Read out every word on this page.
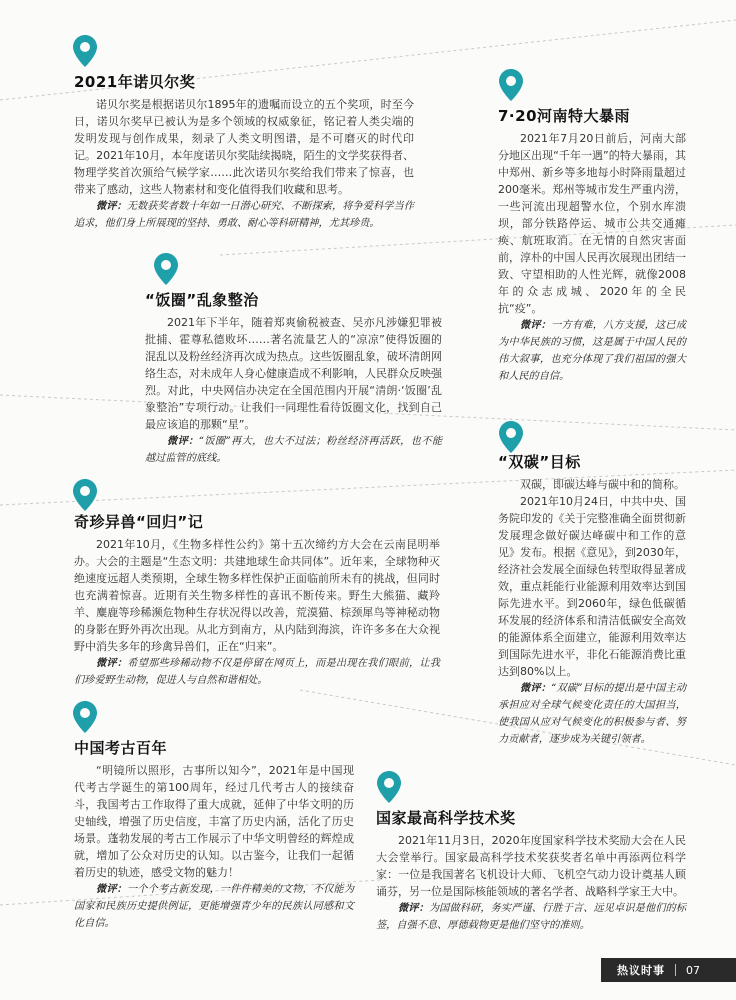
2021年诺贝尔奖

诺贝尔奖是根据诺贝尔1895年的遗嘱而设立的五个奖项，时至今日，诺贝尔奖早已被认为是多个领域的权威象征，铭记着人类尖端的发明发现与创作成果，刻录了人类文明图谱，是不可磨灭的时代印记。2021年10月，本年度诺贝尔奖陆续揭晓，陌生的文学奖获得者、物理学奖首次颁给气候学家……此次诺贝尔奖给我们带来了惊喜，也带来了感动，这些人物素材和变化值得我们收藏和思考。

微评：无数获奖者数十年如一日潜心研究、不断探索，将争爱科学当作追求，他们身上所展现的坚持、勇敢、耐心等科研精神，尤其珍贵。

7·20河南特大暴雨

2021年7月20日前后，河南大部分地区出现“千年一遇”的特大暴雨，其中郑州、新乡等多地每小时降雨量超过200毫米。郑州等城市发生严重内涝，一些河流出现超警水位，个别水库溃坝，部分铁路停运、城市公共交通瘫痪、航班取消。在无情的自然灾害面前，淳朴的中国人民再次展现出团结一致、守望相助的人性光辉，就像2008年的众志成城、2020年的全民抗“疫”。

微评：一方有难，八方支援，这已成为中华民族的习惯，这是属于中国人民的伟大叙事，也充分体现了我们祖国的强大和人民的自信。

“饭圈”乱象整治

2021年下半年，随着郑爽偷税被查、吴亦凡涉嫌犯罪被批捕、霍尊私德败坏……著名流量艺人的“凉凉”使得饭圈的混乱以及粉丝经济再次成为热点。这些饭圈乱象，破坏清朗网络生态，对未成年人身心健康造成不利影响，人民群众反映强烈。对此，中央网信办决定在全国范围内开展“清朗·‘饭圈’乱象整治”专项行动。让我们一同理性看待饭圈文化，找到自己最应该追的那颗“星”。

微评：“饭圈”再大，也大不过法；粉丝经济再活跃，也不能越过监管的底线。	“双碳”目标

双碳，即碳达峰与碳中和的简称。

2021年10月24日，中共中央、国务院印发的《关于完整准确全面贯彻新发展理念做好碳达峰碳中和工作的意见》发布。根据《意见》，到2030年，经济社会发展全面绿色转型取得显著成效，重点耗能行业能源利用效率达到国际先进水平。到2060年，绿色低碳循环发展的经济体系和清洁低碳安全高效的能源体系全面建立，能源利用效率达到国际先进水平，非化石能源消费比重达到80%以上。

微评：“双碳”目标的提出是中国主动承担应对全球气候变化责任的大国担当，使我国从应对气候变化的积极参与者、努力贡献者，逐步成为关键引领者。

奇珍异兽“回归”记

2021年10月，《生物多样性公约》第十五次缔约方大会在云南昆明举办。大会的主题是“生态文明：共建地球生命共同体”。近年来，全球物种灭绝速度远超人类预期，全球生物多样性保护正面临前所未有的挑战，但同时也充满着惊喜。近期有关生物多样性的喜讯不断传来。野生大熊猫、藏羚羊、麋鹿等珍稀濒危物种生存状况得以改善，荒漠猫、棕颈犀鸟等神秘动物的身影在野外再次出现。从北方到南方，从内陆到海滨，许许多多在大众视野中消失多年的珍禽异兽们，正在“归来”。

微评：希望那些珍稀动物不仅是停留在网页上，而是出现在我们眼前，让我们珍爱野生动物，促进人与自然和谐相处。

中国考古百年

“明镜所以照形，古事所以知今”，2021年是中国现代考古学诞生的第100周年，经过几代考古人的接续奋斗，我国考古工作取得了重大成就，延伸了中华文明的历史轴线，增强了历史信度，丰富了历史内涵，活化了历史场景。蓬勃发展的考古工作展示了中华文明曾经的辉煌成就，增加了公众对历史的认知。以古鉴今，让我们一起循着历史的轨迹，感受文物的魅力！

微评：一个个考古新发现，一件件精美的文物，不仅能为国家和民族历史提供例证，更能增强青少年的民族认同感和文化自信。

国家最高科学技术奖

2021年11月3日，2020年度国家科学技术奖励大会在人民大会堂举行。国家最高科学技术奖获奖者名单中再添两位科学家：一位是我国著名飞机设计大师、飞机空气动力设计奠基人顾诵芬，另一位是国际核能领域的著名学者、战略科学家王大中。

微评：为国做科研，务实严谨、行胜于言、远见卓识是他们的标签，自强不息、厚德载物更是他们坚守的准则。

热议时事 07
